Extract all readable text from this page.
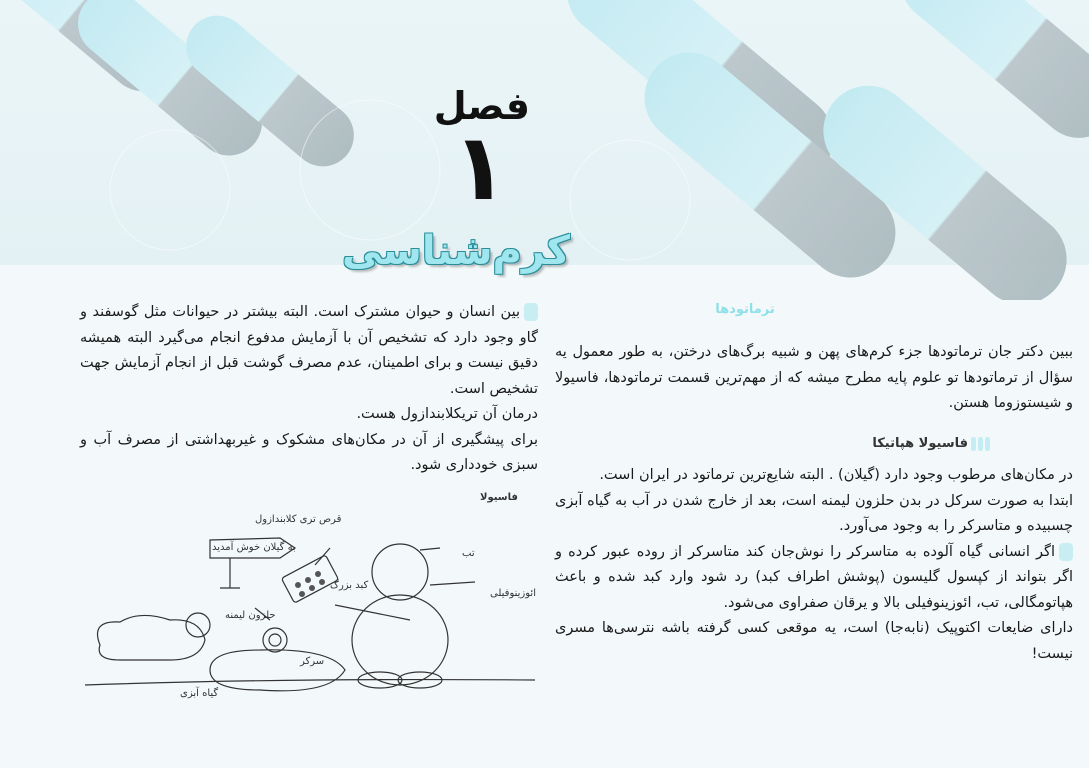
فصل
۱
کرم‌شناسی
ترماتودها

ببین دکتر جان ترماتودها جزء کرم‌های پهن و شبیه برگ‌های درختن، به طور معمول یه سؤال از ترماتودها تو علوم پایه مطرح میشه که از مهم‌ترین قسمت ترماتودها، فاسیولا و شیستوزوما هستن.

فاسیولا هپاتیکا

در مکان‌های مرطوب وجود دارد (گیلان) . البته شایع‌ترین ترماتود در ایران است.

ابتدا به صورت سرکل در بدن حلزون لیمنه است، بعد از خارج شدن در آب به گیاه آبزی چسبیده و متاسرکر را به وجود می‌آورد.

اگر انسانی گیاه آلوده به متاسرکر را نوش‌جان کند متاسرکر از روده عبور کرده و اگر بتواند از کپسول گلیسون (پوشش اطراف کبد) رد شود وارد کبد شده و باعث هپاتومگالی، تب، ائوزینوفیلی بالا و یرقان صفراوی می‌شود.

دارای ضایعات اکتوپیک (نابه‌جا) است، یه موقعی کسی گرفته باشه نترسی‌ها مسری نیست!

بین انسان و حیوان مشترک است. البته بیشتر در حیوانات مثل گوسفند و گاو وجود دارد که تشخیص آن با آزمایش مدفوع انجام می‌گیرد البته همیشه دقیق نیست و برای اطمینان، عدم مصرف گوشت قبل از انجام آزمایش جهت تشخیص است.

درمان آن تریکلابندازول هست.

برای پیشگیری از آن در مکان‌های مشکوک و غیربهداشتی از مصرف آب و سبزی خودداری شود.

فاسیولا
قرص تری کلابندازول
به گیلان خوش آمدید
تب
ائوزینوفیلی
کبد بزرگ
حلزون لیمنه
سرکر
گیاه آبزی
